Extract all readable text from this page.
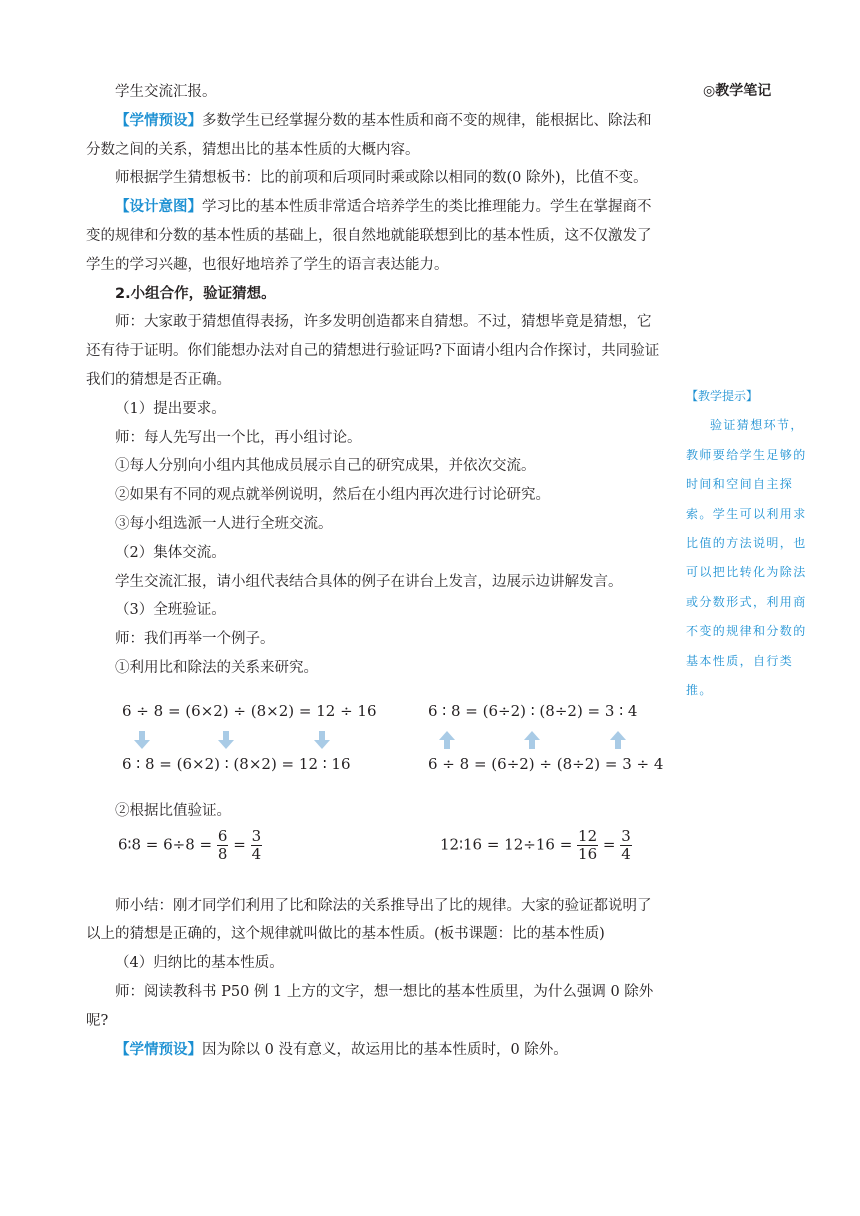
◎教学笔记

【教学提示】

验证猜想环节，教师要给学生足够的时间和空间自主探索。学生可以利用求比值的方法说明，也可以把比转化为除法或分数形式，利用商不变的规律和分数的基本性质，自行类推。

学生交流汇报。

【学情预设】多数学生已经掌握分数的基本性质和商不变的规律，能根据比、除法和分数之间的关系，猜想出比的基本性质的大概内容。

师根据学生猜想板书：比的前项和后项同时乘或除以相同的数(0 除外)，比值不变。

【设计意图】学习比的基本性质非常适合培养学生的类比推理能力。学生在掌握商不变的规律和分数的基本性质的基础上，很自然地就能联想到比的基本性质，这不仅激发了学生的学习兴趣，也很好地培养了学生的语言表达能力。

2.小组合作，验证猜想。

师：大家敢于猜想值得表扬，许多发明创造都来自猜想。不过，猜想毕竟是猜想，它还有待于证明。你们能想办法对自己的猜想进行验证吗?下面请小组内合作探讨，共同验证我们的猜想是否正确。

（1）提出要求。

师：每人先写出一个比，再小组讨论。

①每人分别向小组内其他成员展示自己的研究成果，并依次交流。

②如果有不同的观点就举例说明，然后在小组内再次进行讨论研究。

③每小组选派一人进行全班交流。

（2）集体交流。

学生交流汇报，请小组代表结合具体的例子在讲台上发言，边展示边讲解发言。

（3）全班验证。

师：我们再举一个例子。

①利用比和除法的关系来研究。

②根据比值验证。

师小结：刚才同学们利用了比和除法的关系推导出了比的规律。大家的验证都说明了以上的猜想是正确的，这个规律就叫做比的基本性质。(板书课题：比的基本性质)

（4）归纳比的基本性质。

师：阅读教科书 P50 例 1 上方的文字，想一想比的基本性质里，为什么强调 0 除外呢?

【学情预设】因为除以 0 没有意义，故运用比的基本性质时，0 除外。

6 ÷ 8 = (6×2) ÷ (8×2) = 12 ÷ 16
6 ∶ 8 = (6×2) ∶ (8×2) = 12 ∶ 16
6 ∶ 8 = (6÷2) ∶ (8÷2) = 3 ∶ 4
6 ÷ 8 = (6÷2) ÷ (8÷2) = 3 ÷ 4
6∶8 = $6\div 8 = \frac{6}{8} = \frac{3}{4}$	12∶16 = $12\div 16 = \frac{12}{16} = \frac{3}{4}$
